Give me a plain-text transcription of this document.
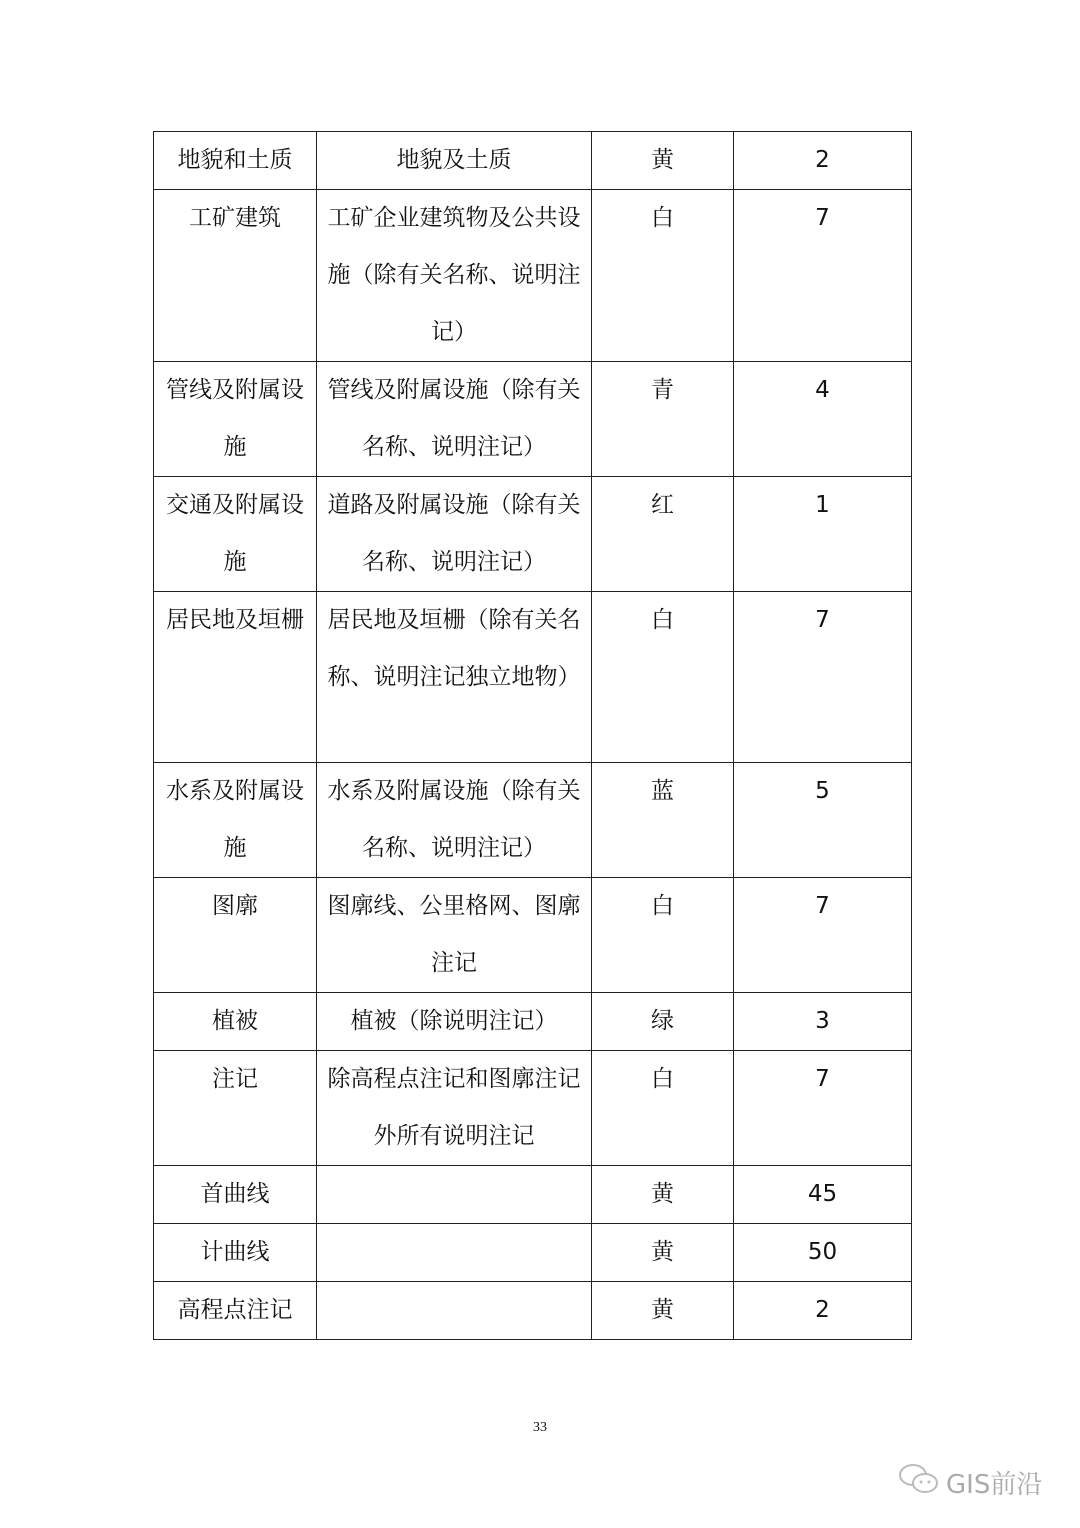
地貌和土质	地貌及土质	黄	2
工矿建筑	工矿企业建筑物及公共设施（除有关名称、说明注记）	白	7
管线及附属设施	管线及附属设施（除有关名称、说明注记）	青	4
交通及附属设施	道路及附属设施（除有关名称、说明注记）	红	1
居民地及垣栅	居民地及垣栅（除有关名称、说明注记独立地物）	白	7
水系及附属设施	水系及附属设施（除有关名称、说明注记）	蓝	5
图廓	图廓线、公里格网、图廓注记	白	7
植被	植被（除说明注记）	绿	3
注记	除高程点注记和图廓注记外所有说明注记	白	7
首曲线		黄	45
计曲线		黄	50
高程点注记		黄	2
33
GIS前沿
